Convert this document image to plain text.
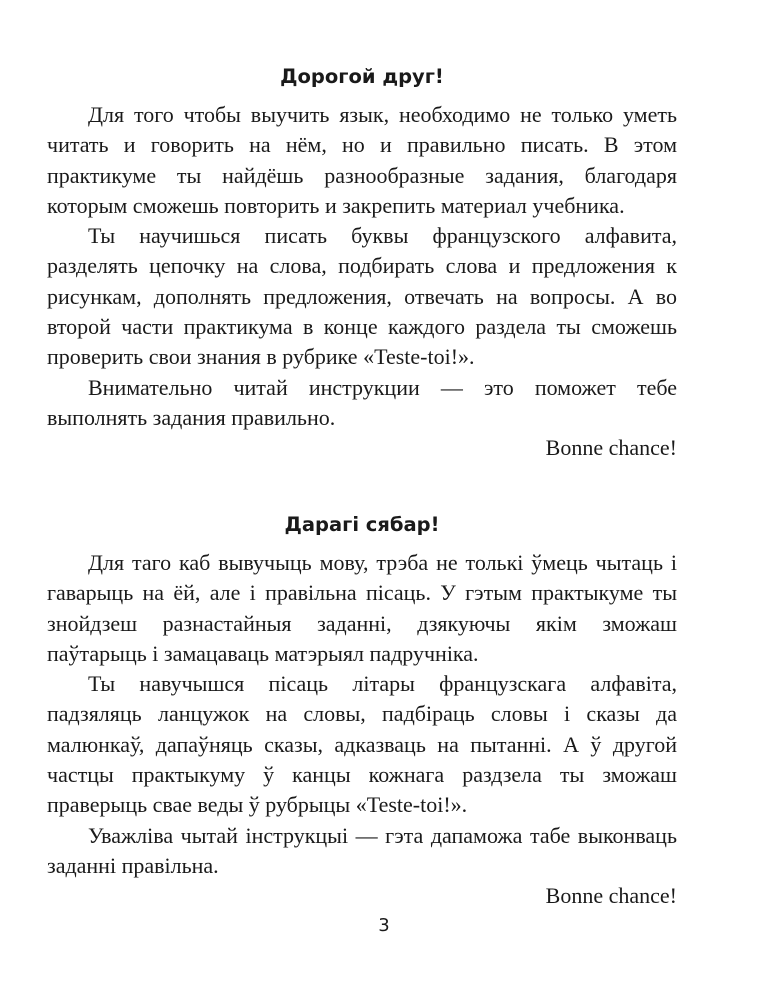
Дорогой друг!

Для того чтобы выучить язык, необходимо не только уметь читать и говорить на нём, но и правильно писать. В этом практикуме ты найдёшь разнообразные задания, благодаря которым сможешь повторить и закрепить материал учебника.

Ты научишься писать буквы французского алфавита, разделять цепочку на слова, подбирать слова и предложения к рисункам, дополнять предложения, отвечать на вопросы. А во второй части практикума в конце каждого раздела ты сможешь проверить свои знания в рубрике «Teste-toi!».

Внимательно читай инструкции — это поможет тебе выполнять задания правильно.

Bonne chance!

Дарагі сябар!

Для таго каб вывучыць мову, трэба не толькі ўмець чытаць і гаварыць на ёй, але і правільна пісаць. У гэтым практыкуме ты знойдзеш разнастайныя заданні, дзякуючы якім зможаш паўтарыць і замацаваць матэрыял падручніка.

Ты навучышся пісаць літары французскага алфавіта, падзяляць ланцужок на словы, падбіраць словы і сказы да малюнкаў, дапаўняць сказы, адказваць на пытанні. А ў другой частцы практыкуму ў канцы кожнага раздзела ты зможаш праверыць свае веды ў рубрыцы «Teste-toi!».

Уважліва чытай інструкцыі — гэта дапаможа табе выконваць заданні правільна.

Bonne chance!

3
